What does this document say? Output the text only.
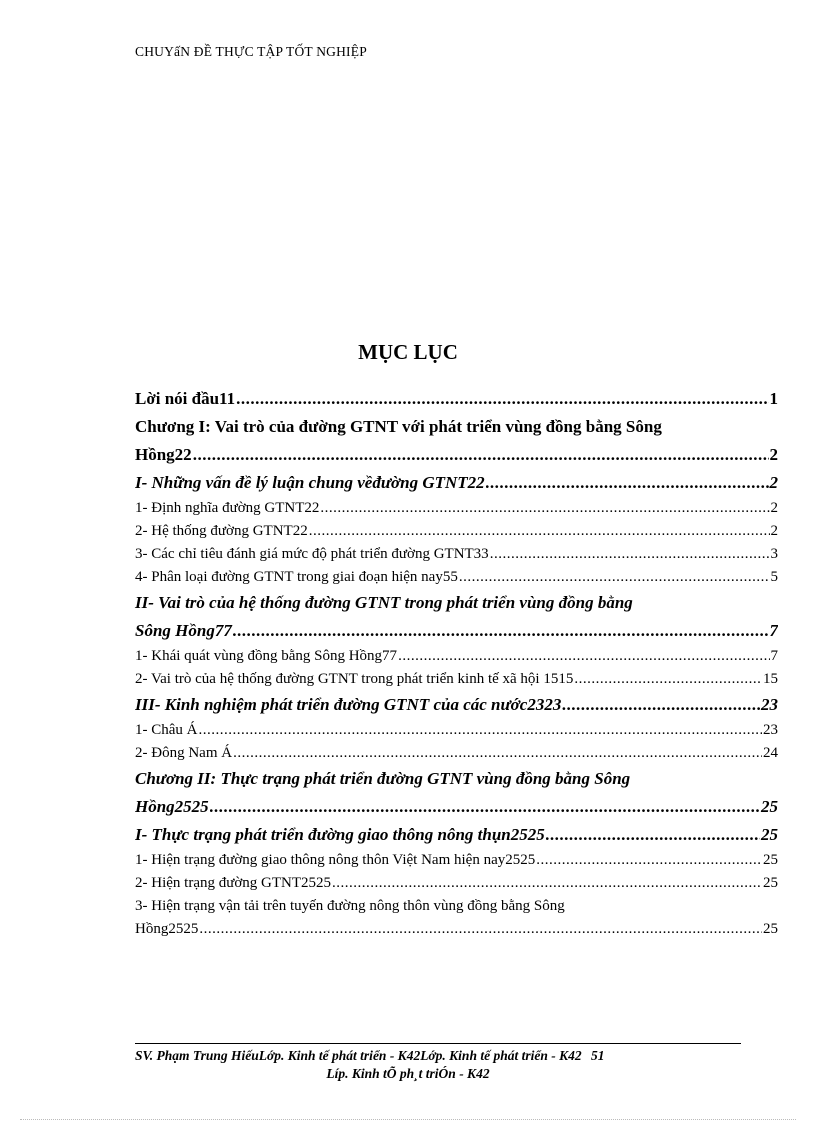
CHUYấN ĐỀ THỰC TẬP TỐT NGHIỆP
MỤC LỤC
Lời nói đầu11 .....	1
Chương I: Vai trò của đường GTNT với phát triển vùng đồng bằng Sông
Hồng22 .....	2
I- Những vấn đề lý luận chung vềđường GTNT22 .....	2
1- Định nghĩa đường GTNT22 .....	2
2- Hệ thống đường GTNT22 .....	2
3- Các chỉ tiêu đánh giá mức độ phát triển đường GTNT33 .....	3
4- Phân loại đường GTNT trong giai đoạn hiện nay55 .....	5
II- Vai trò của hệ thống đường GTNT trong phát triển vùng đồng bằng
Sông Hồng77 .....	7
1- Khái quát vùng đồng bằng Sông Hồng77 .....	7
2- Vai trò của hệ thống đường GTNT trong phát triển kinh tế xã hội 1515 .....	15
III- Kinh nghiệm phát triển đường GTNT của các nước2323 .....	23
1- Châu Á .....	23
2- Đông Nam Á .....	24
Chương II: Thực trạng phát triển đường GTNT vùng đồng bằng Sông
Hồng2525 .....	25
I- Thực trạng phát triển đường giao thông nông thụn2525 .....	25
1- Hiện trạng đường giao thông nông thôn Việt Nam hiện nay2525 .....	25
2- Hiện trạng đường GTNT2525 .....	25
3- Hiện trạng vận tải trên tuyến đường nông thôn vùng đồng bằng Sông
Hồng2525 .....	25
SV. Phạm Trung HiếuLớp. Kinh tế phát triển - K42Lớp. Kinh tế phát triển - K42 51
Líp. Kinh tÕ ph¸t triÓn - K42
